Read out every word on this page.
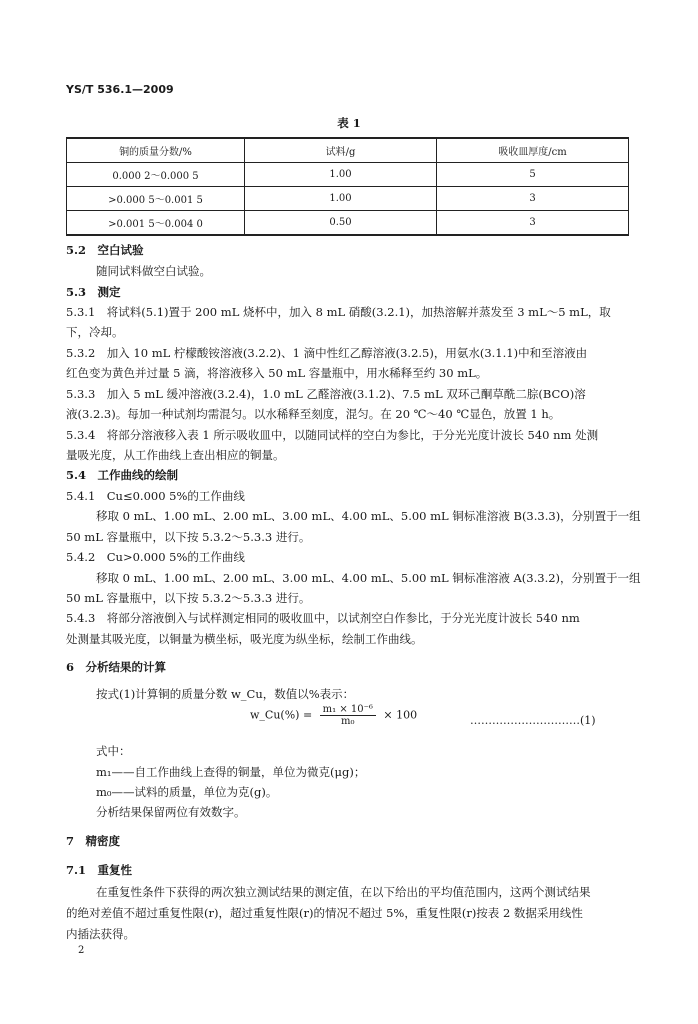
YS/T 536.1—2009
表 1
铜的质量分数/%	试料/g	吸收皿厚度/cm
0.000 2～0.000 5	1.00	5
>0.000 5～0.001 5	1.00	3
>0.001 5～0.004 0	0.50	3
5.2　空白试验
随同试料做空白试验。
5.3　测定
5.3.1　将试料(5.1)置于 200 mL 烧杯中，加入 8 mL 硝酸(3.2.1)，加热溶解并蒸发至 3 mL～5 mL，取
下，冷却。
5.3.2　加入 10 mL 柠檬酸铵溶液(3.2.2)、1 滴中性红乙醇溶液(3.2.5)，用氨水(3.1.1)中和至溶液由
红色变为黄色并过量 5 滴，将溶液移入 50 mL 容量瓶中，用水稀释至约 30 mL。
5.3.3　加入 5 mL 缓冲溶液(3.2.4)，1.0 mL 乙醛溶液(3.1.2)、7.5 mL 双环己酮草酰二腙(BCO)溶
液(3.2.3)。每加一种试剂均需混匀。以水稀释至刻度，混匀。在 20 ℃～40 ℃显色，放置 1 h。
5.3.4　将部分溶液移入表 1 所示吸收皿中，以随同试样的空白为参比，于分光光度计波长 540 nm 处测
量吸光度，从工作曲线上查出相应的铜量。
5.4　工作曲线的绘制
5.4.1　Cu≤0.000 5%的工作曲线
移取 0 mL、1.00 mL、2.00 mL、3.00 mL、4.00 mL、5.00 mL 铜标准溶液 B(3.3.3)，分别置于一组
50 mL 容量瓶中，以下按 5.3.2～5.3.3 进行。
5.4.2　Cu>0.000 5%的工作曲线
移取 0 mL、1.00 mL、2.00 mL、3.00 mL、4.00 mL、5.00 mL 铜标准溶液 A(3.3.2)，分别置于一组
50 mL 容量瓶中，以下按 5.3.2～5.3.3 进行。
5.4.3　将部分溶液倒入与试样测定相同的吸收皿中，以试剂空白作参比，于分光光度计波长 540 nm
处测量其吸光度，以铜量为横坐标，吸光度为纵坐标，绘制工作曲线。
6　分析结果的计算
按式(1)计算铜的质量分数 w_Cu，数值以%表示：
w_Cu(%) = $\frac{\text{m₁ × 10⁻⁶}}{\text{m₀}} \times 100$	…………………………(1)
式中：
m₁——自工作曲线上查得的铜量，单位为微克(μg)；
m₀——试料的质量，单位为克(g)。
分析结果保留两位有效数字。
7　精密度
7.1　重复性
在重复性条件下获得的两次独立测试结果的测定值，在以下给出的平均值范围内，这两个测试结果
的绝对差值不超过重复性限(r)，超过重复性限(r)的情况不超过 5%，重复性限(r)按表 2 数据采用线性
内插法获得。
2
